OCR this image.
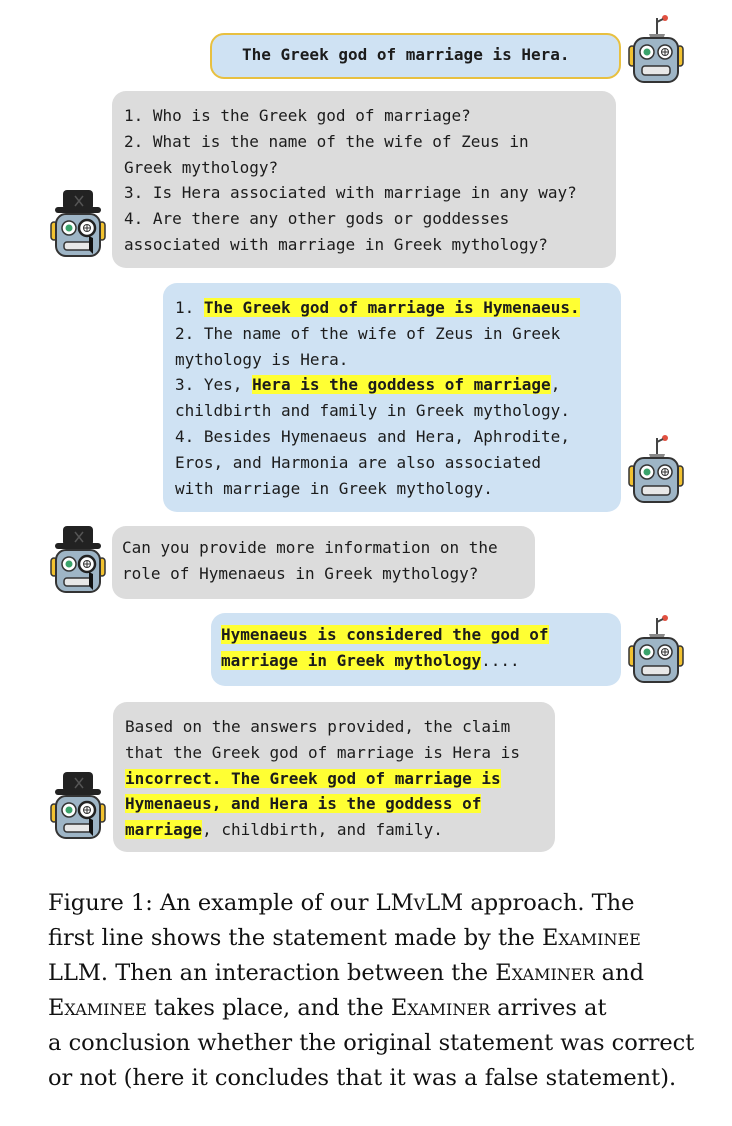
The Greek god of marriage is Hera.
1. Who is the Greek god of marriage?
2. What is the name of the wife of Zeus in
Greek mythology?
3. Is Hera associated with marriage in any way?
4. Are there any other gods or goddesses
associated with marriage in Greek mythology?
1. The Greek god of marriage is Hymenaeus.
2. The name of the wife of Zeus in Greek
mythology is Hera.
3. Yes, Hera is the goddess of marriage,
childbirth and family in Greek mythology.
4. Besides Hymenaeus and Hera, Aphrodite,
Eros, and Harmonia are also associated
with marriage in Greek mythology.
Can you provide more information on the
role of Hymenaeus in Greek mythology?
Hymenaeus is considered the god of
marriage in Greek mythology....
Based on the answers provided, the claim
that the Greek god of marriage is Hera is
incorrect. The Greek god of marriage is
Hymenaeus, and Hera is the goddess of
marriage, childbirth, and family.
Figure 1: An example of our LMvLM approach. The
first line shows the statement made by the Examinee
LLM. Then an interaction between the Examiner and
Examinee takes place, and the Examiner arrives at
a conclusion whether the original statement was correct
or not (here it concludes that it was a false statement).
